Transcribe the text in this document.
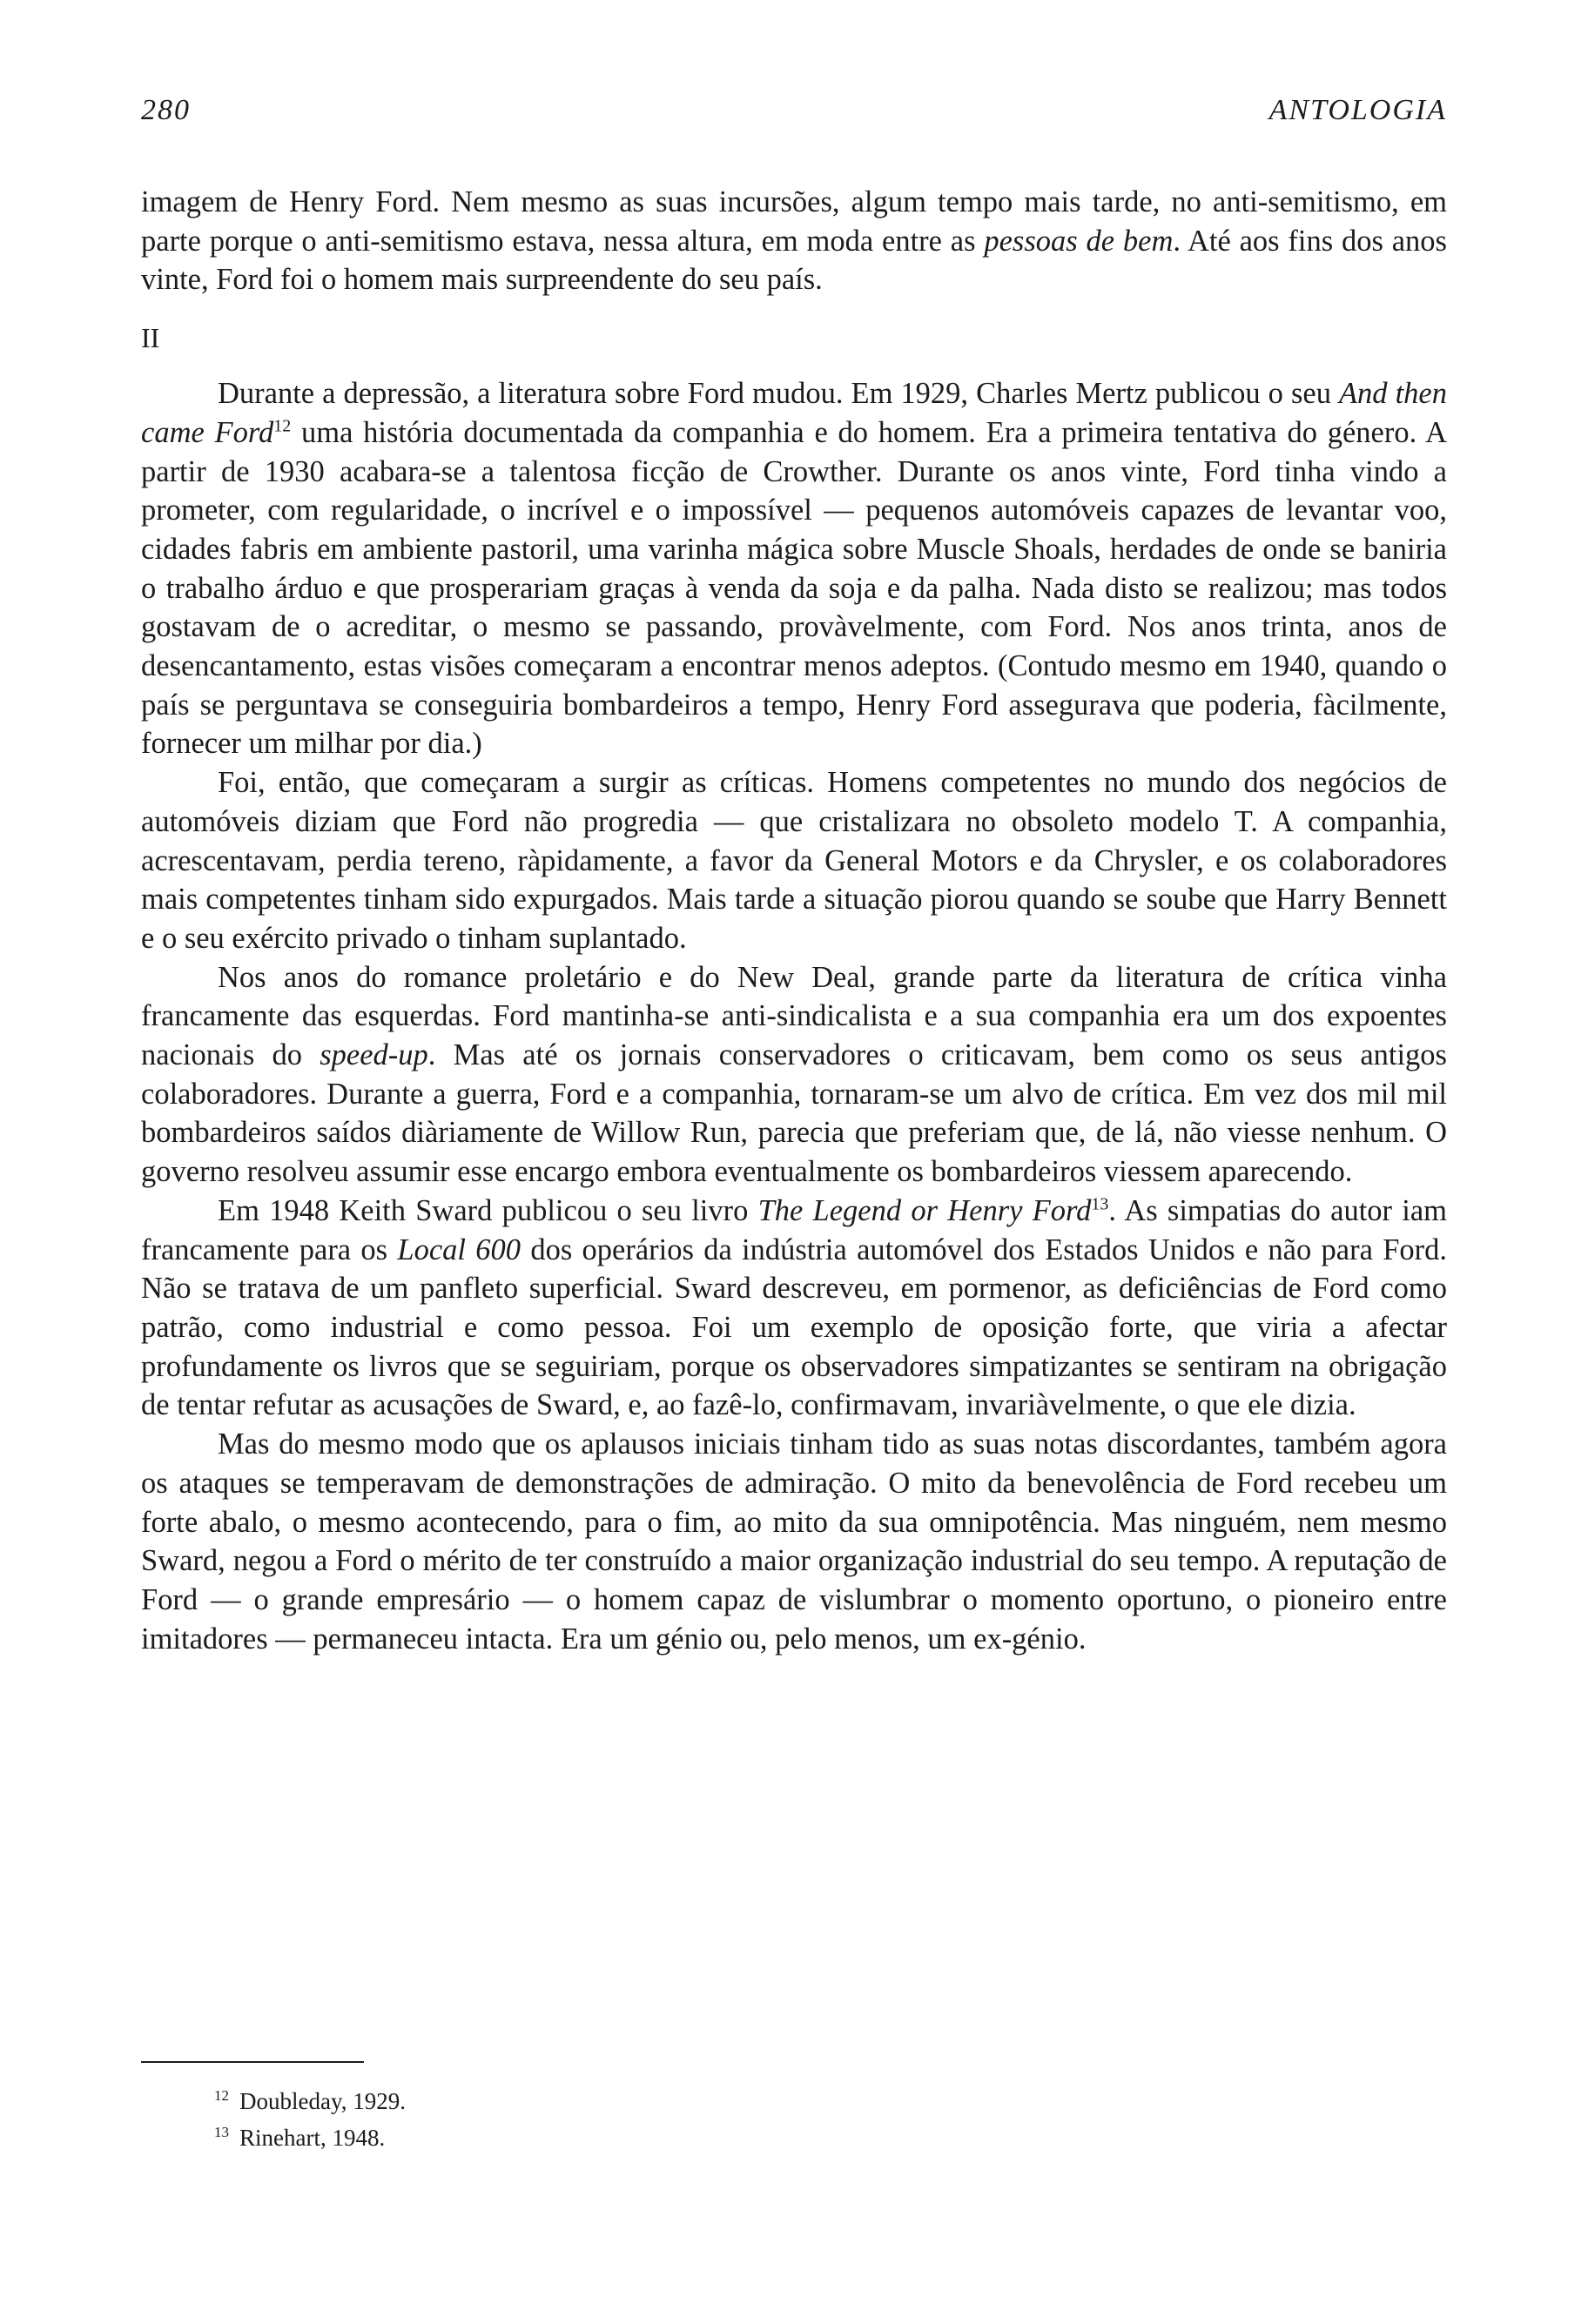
280	ANTOLOGIA

imagem de Henry Ford. Nem mesmo as suas incursões, algum tempo mais tarde, no anti-semitismo, em parte porque o anti-semitismo estava, nessa altura, em moda entre as pessoas de bem. Até aos fins dos anos vinte, Ford foi o homem mais surpreendente do seu país.

II

Durante a depressão, a literatura sobre Ford mudou. Em 1929, Charles Mertz publicou o seu And then came Ford$^{12}$ uma história documentada da companhia e do homem. Era a primeira tentativa do género. A partir de 1930 acabara-se a talentosa ficção de Crowther. Durante os anos vinte, Ford tinha vindo a prometer, com regularidade, o incrível e o impossível — pequenos automóveis capazes de levantar voo, cidades fabris em ambiente pastoril, uma varinha mágica sobre Muscle Shoals, herdades de onde se baniria o trabalho árduo e que prosperariam graças à venda da soja e da palha. Nada disto se realizou; mas todos gostavam de o acreditar, o mesmo se passando, provàvelmente, com Ford. Nos anos trinta, anos de desencantamento, estas visões começaram a encontrar menos adeptos. (Contudo mesmo em 1940, quando o país se perguntava se conseguiria bombardeiros a tempo, Henry Ford assegurava que poderia, fàcilmente, fornecer um milhar por dia.)

Foi, então, que começaram a surgir as críticas. Homens competentes no mundo dos negócios de automóveis diziam que Ford não progredia — que cristalizara no obsoleto modelo T. A companhia, acrescentavam, perdia tereno, ràpidamente, a favor da General Motors e da Chrysler, e os colaboradores mais competentes tinham sido expurgados. Mais tarde a situação piorou quando se soube que Harry Bennett e o seu exército privado o tinham suplantado.

Nos anos do romance proletário e do New Deal, grande parte da literatura de crítica vinha francamente das esquerdas. Ford mantinha-se anti-sindicalista e a sua companhia era um dos expoentes nacionais do speed-up. Mas até os jornais conservadores o criticavam, bem como os seus antigos colaboradores. Durante a guerra, Ford e a companhia, tornaram-se um alvo de crítica. Em vez dos mil mil bombardeiros saídos diàriamente de Willow Run, parecia que preferiam que, de lá, não viesse nenhum. O governo resolveu assumir esse encargo embora eventualmente os bombardeiros viessem aparecendo.

Em 1948 Keith Sward publicou o seu livro The Legend or Henry Ford$^{13}$. As simpatias do autor iam francamente para os Local 600 dos operários da indústria automóvel dos Estados Unidos e não para Ford. Não se tratava de um panfleto superficial. Sward descreveu, em pormenor, as deficiências de Ford como patrão, como industrial e como pessoa. Foi um exemplo de oposição forte, que viria a afectar profundamente os livros que se seguiriam, porque os observadores simpatizantes se sentiram na obrigação de tentar refutar as acusações de Sward, e, ao fazê-lo, confirmavam, invariàvelmente, o que ele dizia.

Mas do mesmo modo que os aplausos iniciais tinham tido as suas notas discordantes, também agora os ataques se temperavam de demonstrações de admiração. O mito da benevolência de Ford recebeu um forte abalo, o mesmo acontecendo, para o fim, ao mito da sua omnipotência. Mas ninguém, nem mesmo Sward, negou a Ford o mérito de ter construído a maior organização industrial do seu tempo. A reputação de Ford — o grande empresário — o homem capaz de vislumbrar o momento oportuno, o pioneiro entre imitadores — permaneceu intacta. Era um génio ou, pelo menos, um ex-génio.

$^{12}$ Doubleday, 1929.
$^{13}$ Rinehart, 1948.
